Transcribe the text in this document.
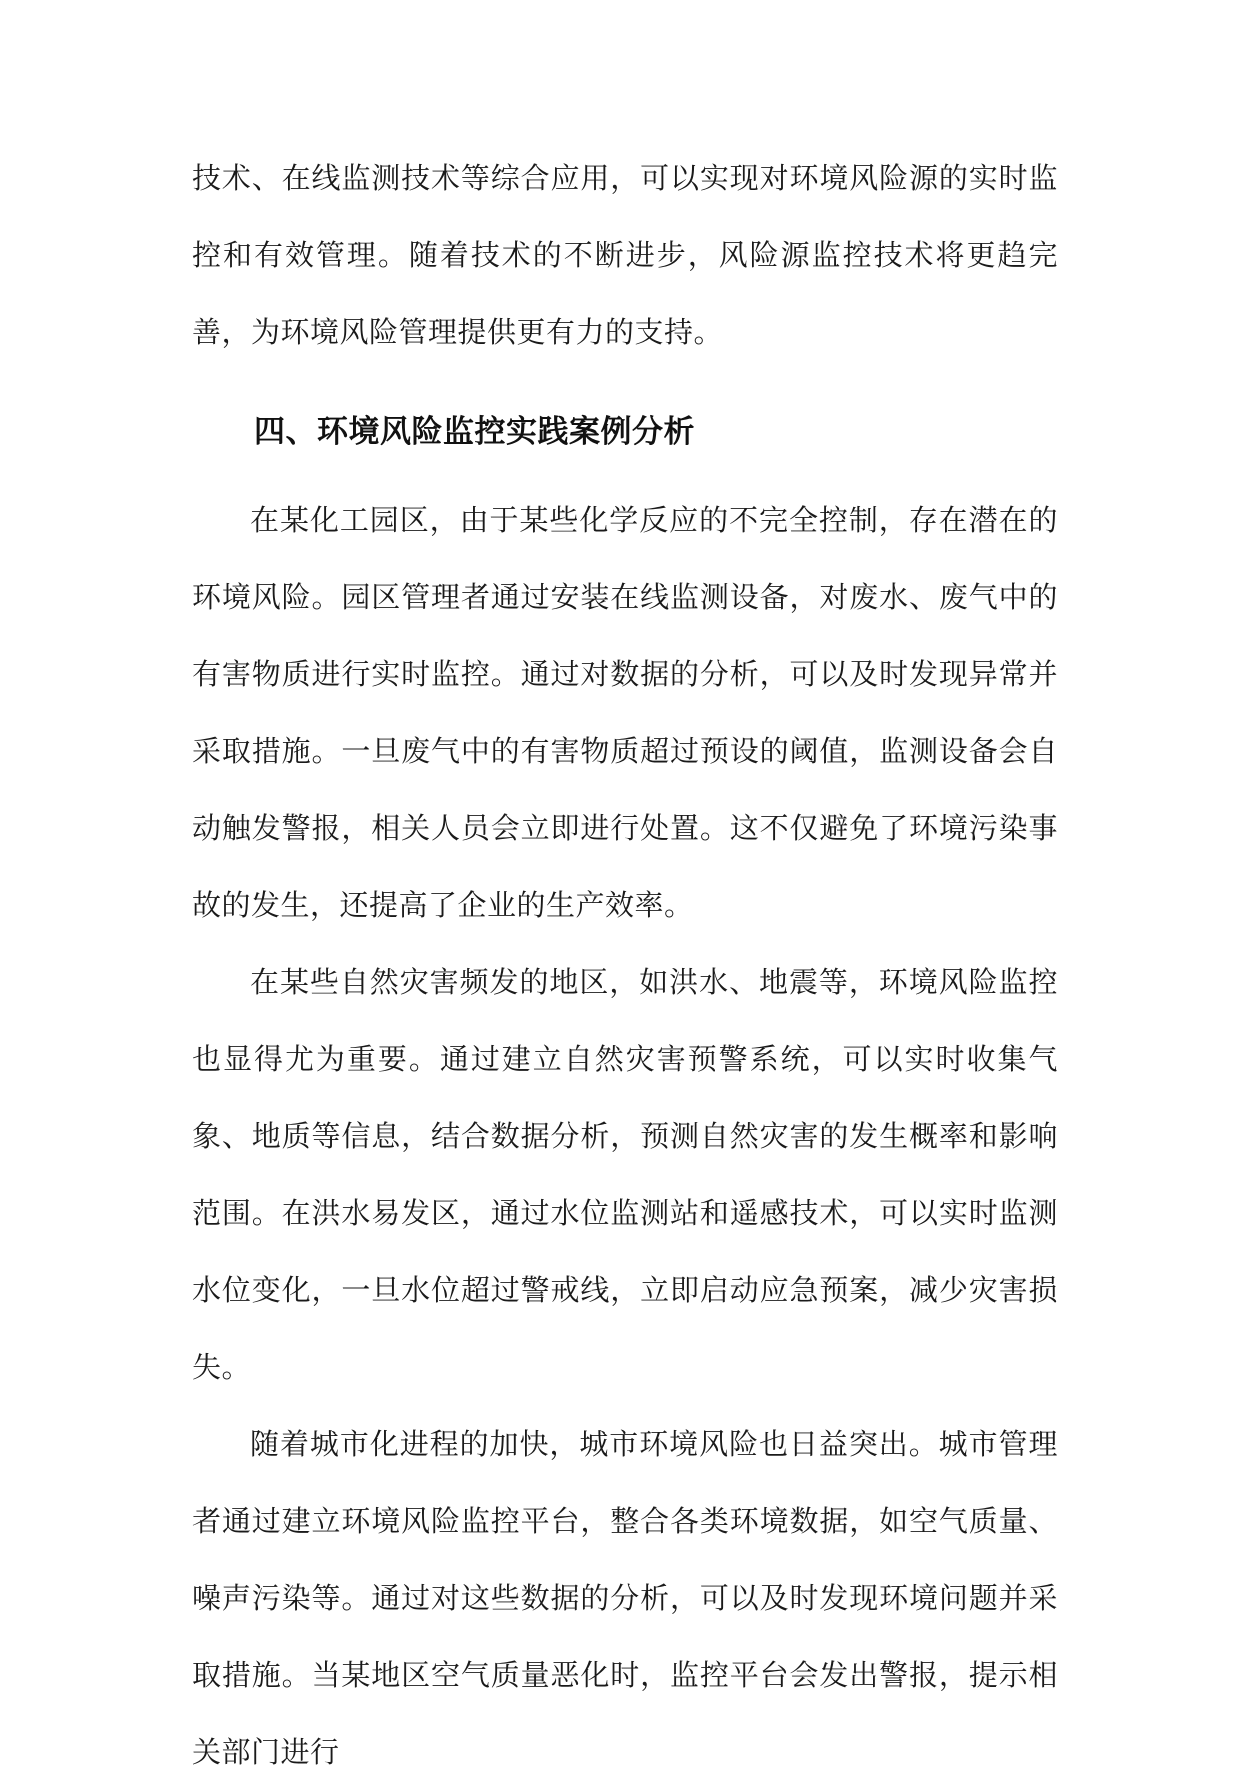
技术、在线监测技术等综合应用，可以实现对环境风险源的实时监控和有效管理。随着技术的不断进步，风险源监控技术将更趋完善，为环境风险管理提供更有力的支持。

四、环境风险监控实践案例分析

在某化工园区，由于某些化学反应的不完全控制，存在潜在的环境风险。园区管理者通过安装在线监测设备，对废水、废气中的有害物质进行实时监控。通过对数据的分析，可以及时发现异常并采取措施。一旦废气中的有害物质超过预设的阈值，监测设备会自动触发警报，相关人员会立即进行处置。这不仅避免了环境污染事故的发生，还提高了企业的生产效率。

在某些自然灾害频发的地区，如洪水、地震等，环境风险监控也显得尤为重要。通过建立自然灾害预警系统，可以实时收集气象、地质等信息，结合数据分析，预测自然灾害的发生概率和影响范围。在洪水易发区，通过水位监测站和遥感技术，可以实时监测水位变化，一旦水位超过警戒线，立即启动应急预案，减少灾害损失。

随着城市化进程的加快，城市环境风险也日益突出。城市管理者通过建立环境风险监控平台，整合各类环境数据，如空气质量、噪声污染等。通过对这些数据的分析，可以及时发现环境问题并采取措施。当某地区空气质量恶化时，监控平台会发出警报，提示相关部门进行
